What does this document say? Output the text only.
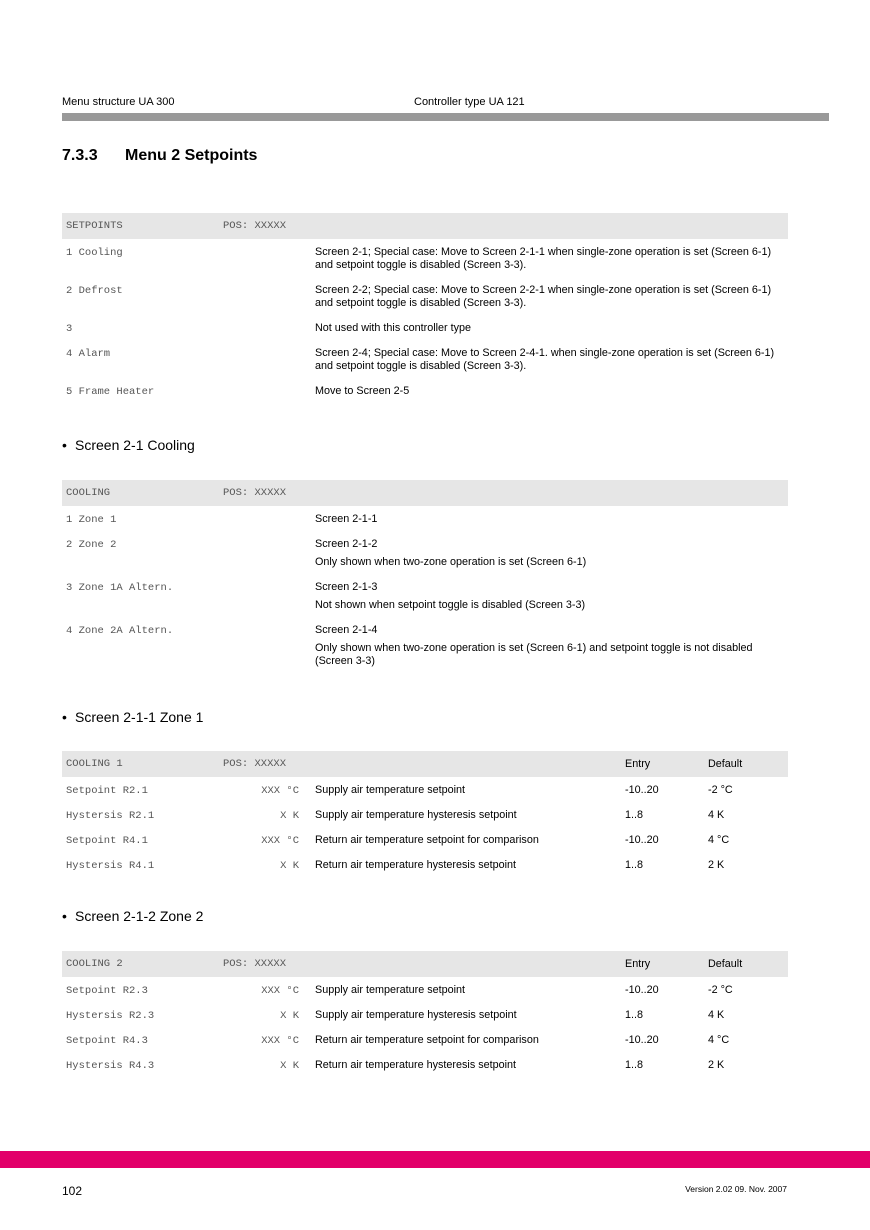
Menu structure UA 300	Controller type UA 121
7.3.3 Menu 2 Setpoints
SETPOINTS	POS: XXXXX	
1 Cooling		Screen 2-1; Special case: Move to Screen 2-1-1 when single-zone operation is set (Screen 6-1) and setpoint toggle is disabled (Screen 3-3).
2 Defrost		Screen 2-2; Special case: Move to Screen 2-2-1 when single-zone operation is set (Screen 6-1) and setpoint toggle is disabled (Screen 3-3).
3		Not used with this controller type
4 Alarm		Screen 2-4; Special case: Move to Screen 2-4-1. when single-zone operation is set (Screen 6-1) and setpoint toggle is disabled (Screen 3-3).
5 Frame Heater		Move to Screen 2-5
• Screen 2-1 Cooling
COOLING	POS: XXXXX	
1 Zone 1		Screen 2-1-1

2 Zone 2		Screen 2-1-2
Only shown when two-zone operation is set (Screen 6-1)

3 Zone 1A Altern.		Screen 2-1-3
Not shown when setpoint toggle is disabled (Screen 3-3)

4 Zone 2A Altern.		Screen 2-1-4
Only shown when two-zone operation is set (Screen 6-1) and setpoint toggle is not disabled (Screen 3-3)
• Screen 2-1-1 Zone 1
COOLING 1	POS: XXXXX		Entry	Default
Setpoint R2.1	XXX °C	Supply air temperature setpoint	-10..20	-2 °C
Hystersis R2.1	X K	Supply air temperature hysteresis setpoint	1..8	4 K
Setpoint R4.1	XXX °C	Return air temperature setpoint for comparison	-10..20	4 °C
Hystersis R4.1	X K	Return air temperature hysteresis setpoint	1..8	2 K
• Screen 2-1-2 Zone 2
COOLING 2	POS: XXXXX		Entry	Default
Setpoint R2.3	XXX °C	Supply air temperature setpoint	-10..20	-2 °C
Hystersis R2.3	X K	Supply air temperature hysteresis setpoint	1..8	4 K
Setpoint R4.3	XXX °C	Return air temperature setpoint for comparison	-10..20	4 °C
Hystersis R4.3	X K	Return air temperature hysteresis setpoint	1..8	2 K
102	Version 2.02 09. Nov. 2007
